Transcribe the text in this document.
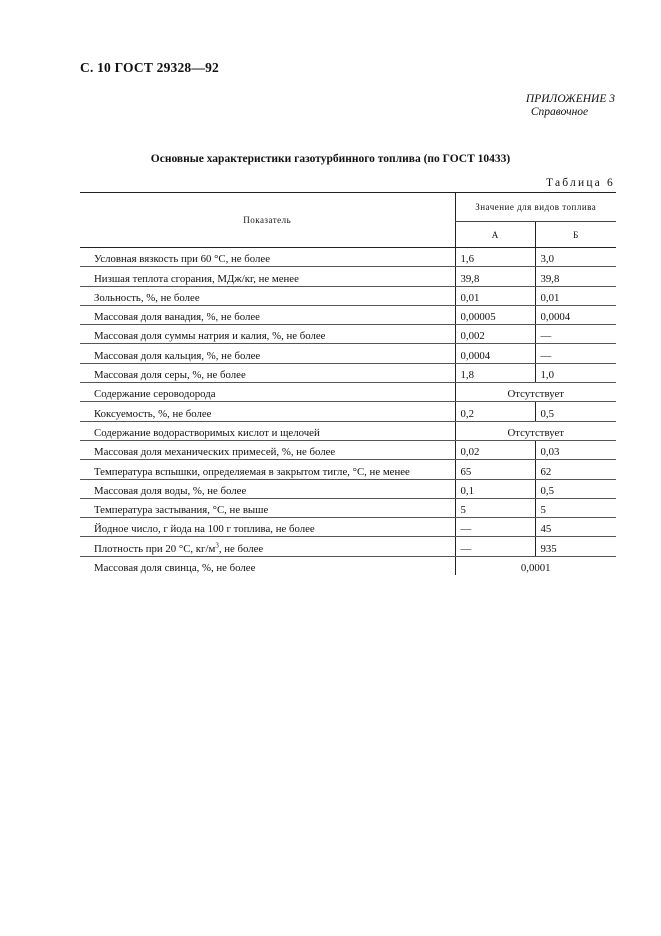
С. 10 ГОСТ 29328—92
ПРИЛОЖЕНИЕ 3
Справочное
Основные характеристики газотурбинного топлива (по ГОСТ 10433)
Таблица 6
Показатель	Значение для видов топлива	
	А	Б
Условная вязкость при 60 °С, не более	1,6	3,0
Низшая теплота сгорания, МДж/кг, не менее	39,8	39,8
Зольность, %, не более	0,01	0,01
Массовая доля ванадия, %, не более	0,00005	0,0004
Массовая доля суммы натрия и калия, %, не более	0,002	—
Массовая доля кальция, %, не более	0,0004	—
Массовая доля серы, %, не более	1,8	1,0
Содержание сероводорода	Отсутствует	
Коксуемость, %, не более	0,2	0,5
Содержание водорастворимых кислот и щелочей	Отсутствует	
Массовая доля механических примесей, %, не более	0,02	0,03
Температура вспышки, определяемая в закрытом тигле, °С, не менее	65	62
Массовая доля воды, %, не более	0,1	0,5
Температура застывания, °С, не выше	5	5
Йодное число, г йода на 100 г топлива, не более	—	45
Плотность при 20 °С, $кг/м^3$, не более	—	935
Массовая доля свинца, %, не более	0,0001	
